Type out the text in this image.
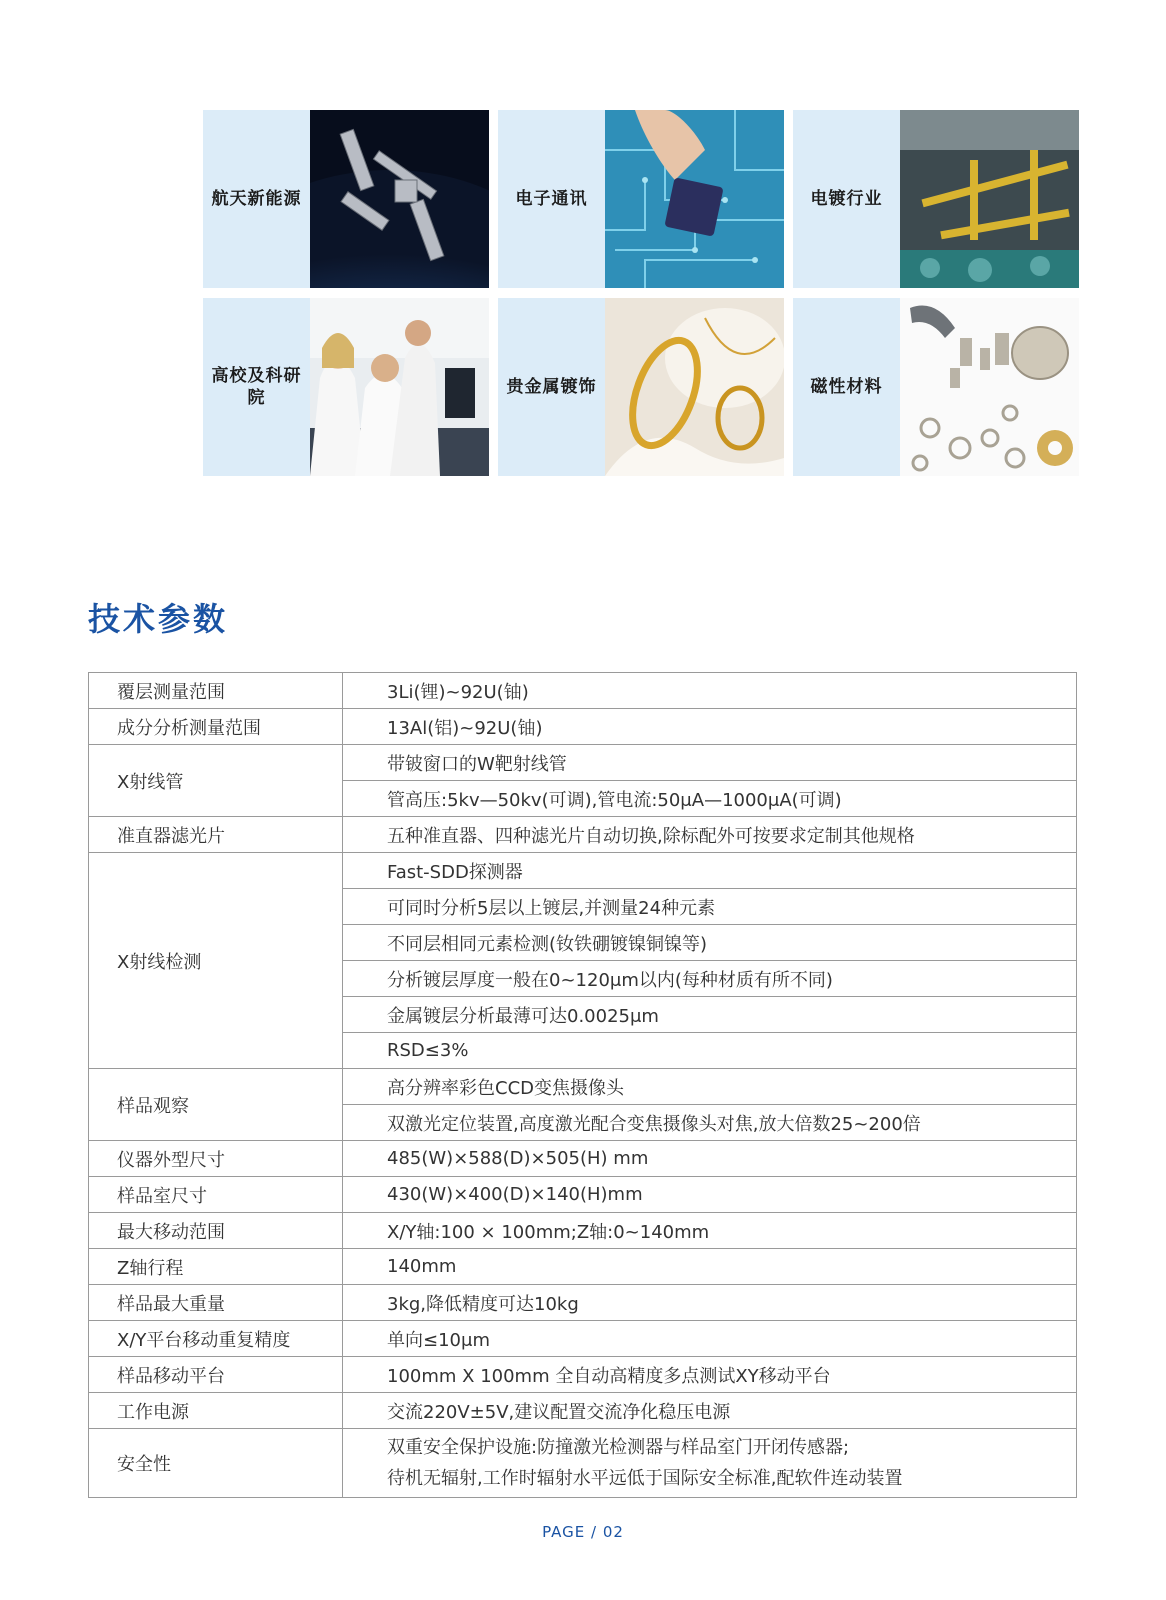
航天新能源	电子通讯	电镀行业
高校及科研院
贵金属镀饰	磁性材料
技术参数
覆层测量范围	3Li(锂)~92U(铀)
成分分析测量范围	13Al(铝)~92U(铀)
X射线管	带铍窗口的W靶射线管
	管高压:5kv—50kv(可调),管电流:50μA—1000μA(可调)
准直器滤光片	五种准直器、四种滤光片自动切换,除标配外可按要求定制其他规格
X射线检测	Fast-SDD探测器
	可同时分析5层以上镀层,并测量24种元素
	不同层相同元素检测(钕铁硼镀镍铜镍等)
	分析镀层厚度一般在0~120μm以内(每种材质有所不同)
	金属镀层分析最薄可达0.0025μm
	RSD≤3%
样品观察	高分辨率彩色CCD变焦摄像头
	双激光定位装置,高度激光配合变焦摄像头对焦,放大倍数25~200倍
仪器外型尺寸	485(W)×588(D)×505(H) mm
样品室尺寸	430(W)×400(D)×140(H)mm
最大移动范围	X/Y轴:100 × 100mm;Z轴:0~140mm
Z轴行程	140mm
样品最大重量	3kg,降低精度可达10kg
X/Y平台移动重复精度	单向≤10μm
样品移动平台	100mm X 100mm 全自动高精度多点测试XY移动平台
工作电源	交流220V±5V,建议配置交流净化稳压电源
安全性	双重安全保护设施:防撞激光检测器与样品室门开闭传感器;
待机无辐射,工作时辐射水平远低于国际安全标准,配软件连动装置
PAGE / 02
